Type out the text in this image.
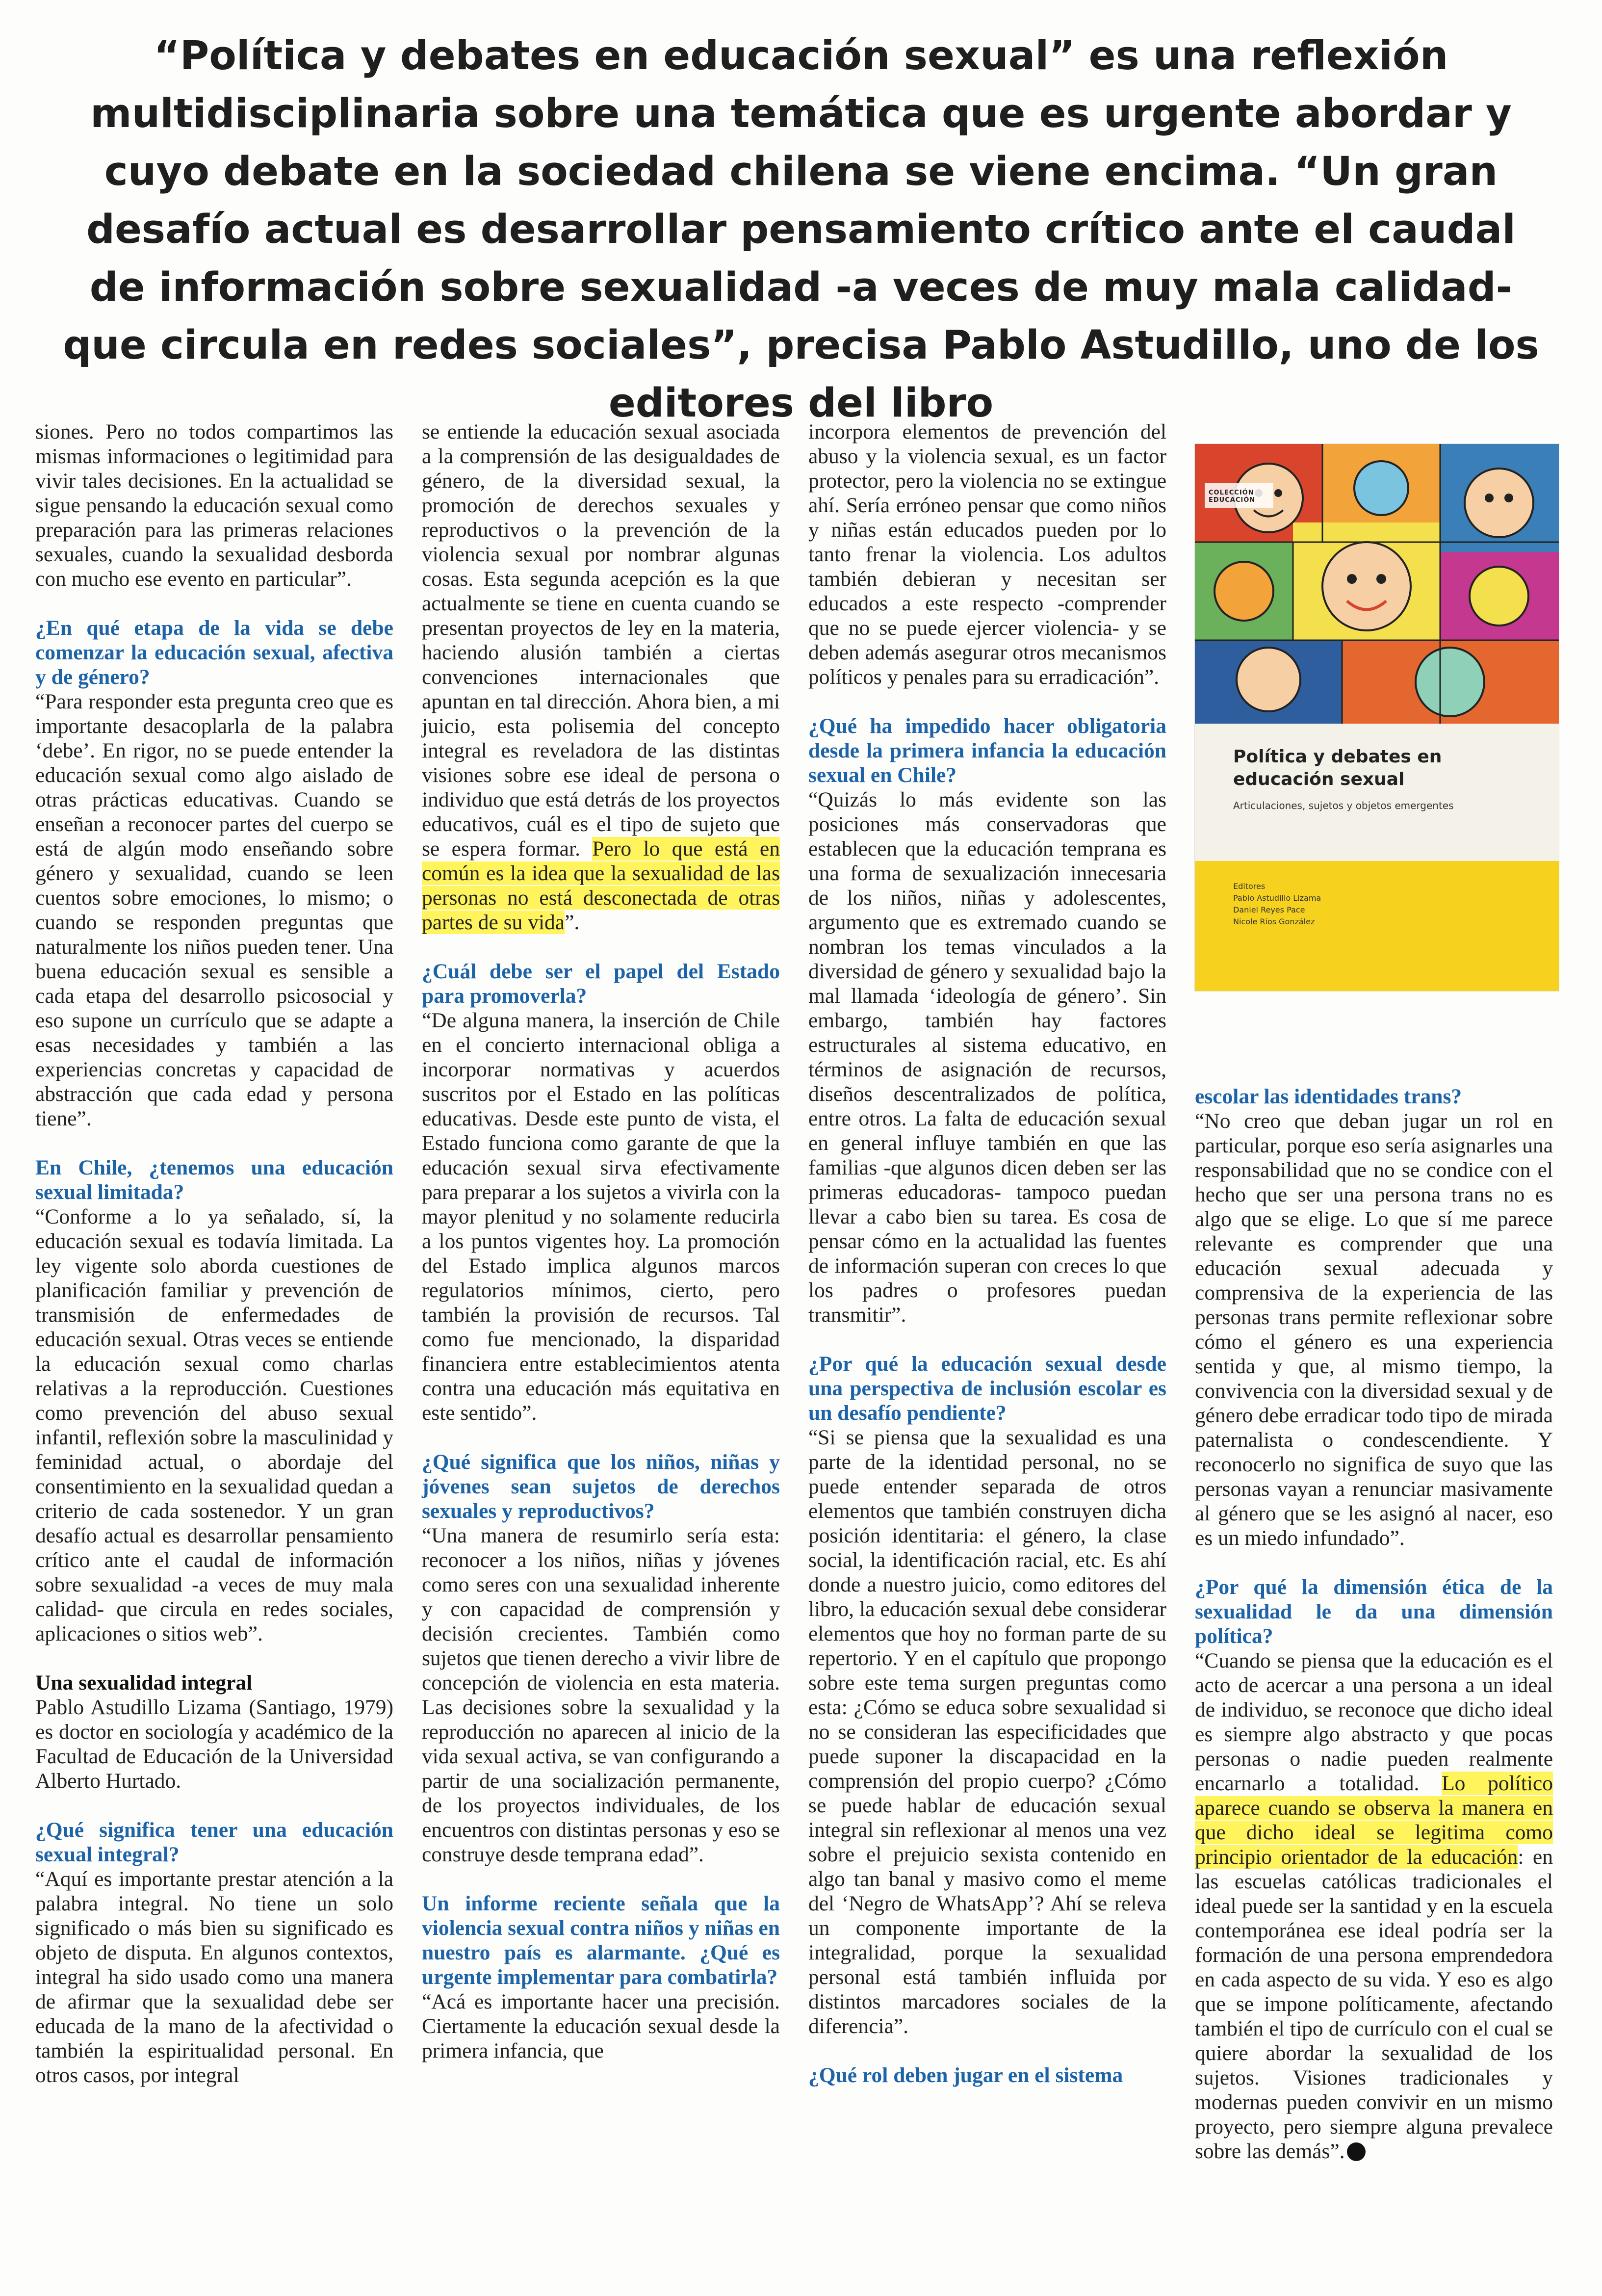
“Política y debates en educación sexual” es una reflexión multidisciplinaria sobre una temática que es urgente abordar y cuyo debate en la sociedad chilena se viene encima. “Un gran desafío actual es desarrollar pensamiento crítico ante el caudal de información sobre sexualidad -a veces de muy mala calidad- que circula en redes sociales”, precisa Pablo Astudillo, uno de los editores del libro

siones. Pero no todos compartimos las mismas informaciones o legitimidad para vivir tales decisiones. En la actualidad se sigue pensando la educación sexual como preparación para las primeras relaciones sexuales, cuando la sexualidad desborda con mucho ese evento en particular”.

¿En qué etapa de la vida se debe comenzar la educación sexual, afectiva y de género?

“Para responder esta pregunta creo que es importante desacoplarla de la palabra ‘debe’. En rigor, no se puede entender la educación sexual como algo aislado de otras prácticas educativas. Cuando se enseñan a reconocer partes del cuerpo se está de algún modo enseñando sobre género y sexualidad, cuando se leen cuentos sobre emociones, lo mismo; o cuando se responden preguntas que naturalmente los niños pueden tener. Una buena educación sexual es sensible a cada etapa del desarrollo psicosocial y eso supone un currículo que se adapte a esas necesidades y también a las experiencias concretas y capacidad de abstracción que cada edad y persona tiene”.

En Chile, ¿tenemos una educación sexual limitada?

“Conforme a lo ya señalado, sí, la educación sexual es todavía limitada. La ley vigente solo aborda cuestiones de planificación familiar y prevención de transmisión de enfermedades de educación sexual. Otras veces se entiende la educación sexual como charlas relativas a la reproducción. Cuestiones como prevención del abuso sexual infantil, reflexión sobre la masculinidad y feminidad actual, o abordaje del consentimiento en la sexualidad quedan a criterio de cada sostenedor. Y un gran desafío actual es desarrollar pensamiento crítico ante el caudal de información sobre sexualidad -a veces de muy mala calidad- que circula en redes sociales, aplicaciones o sitios web”.

Una sexualidad integral

Pablo Astudillo Lizama (Santiago, 1979) es doctor en sociología y académico de la Facultad de Educación de la Universidad Alberto Hurtado.

¿Qué significa tener una educación sexual integral?

“Aquí es importante prestar atención a la palabra integral. No tiene un solo significado o más bien su significado es objeto de disputa. En algunos contextos, integral ha sido usado como una manera de afirmar que la sexualidad debe ser educada de la mano de la afectividad o también la espiritualidad personal. En otros casos, por integral

se entiende la educación sexual asociada a la comprensión de las desigualdades de género, de la diversidad sexual, la promoción de derechos sexuales y reproductivos o la prevención de la violencia sexual por nombrar algunas cosas. Esta segunda acepción es la que actualmente se tiene en cuenta cuando se presentan proyectos de ley en la materia, haciendo alusión también a ciertas convenciones internacionales que apuntan en tal dirección. Ahora bien, a mi juicio, esta polisemia del concepto integral es reveladora de las distintas visiones sobre ese ideal de persona o individuo que está detrás de los proyectos educativos, cuál es el tipo de sujeto que se espera formar. Pero lo que está en común es la idea que la sexualidad de las personas no está desconectada de otras partes de su vida”.

¿Cuál debe ser el papel del Estado para promoverla?

“De alguna manera, la inserción de Chile en el concierto internacional obliga a incorporar normativas y acuerdos suscritos por el Estado en las políticas educativas. Desde este punto de vista, el Estado funciona como garante de que la educación sexual sirva efectivamente para preparar a los sujetos a vivirla con la mayor plenitud y no solamente reducirla a los puntos vigentes hoy. La promoción del Estado implica algunos marcos regulatorios mínimos, cierto, pero también la provisión de recursos. Tal como fue mencionado, la disparidad financiera entre establecimientos atenta contra una educación más equitativa en este sentido”.

¿Qué significa que los niños, niñas y jóvenes sean sujetos de derechos sexuales y reproductivos?

“Una manera de resumirlo sería esta: reconocer a los niños, niñas y jóvenes como seres con una sexualidad inherente y con capacidad de comprensión y decisión crecientes. También como sujetos que tienen derecho a vivir libre de concepción de violencia en esta materia. Las decisiones sobre la sexualidad y la reproducción no aparecen al inicio de la vida sexual activa, se van configurando a partir de una socialización permanente, de los proyectos individuales, de los encuentros con distintas personas y eso se construye desde temprana edad”.

Un informe reciente señala que la violencia sexual contra niños y niñas en nuestro país es alarmante. ¿Qué es urgente implementar para combatirla?

“Acá es importante hacer una precisión. Ciertamente la educación sexual desde la primera infancia, que

incorpora elementos de prevención del abuso y la violencia sexual, es un factor protector, pero la violencia no se extingue ahí. Sería erróneo pensar que como niños y niñas están educados pueden por lo tanto frenar la violencia. Los adultos también debieran y necesitan ser educados a este respecto -comprender que no se puede ejercer violencia- y se deben además asegurar otros mecanismos políticos y penales para su erradicación”.

¿Qué ha impedido hacer obligatoria desde la primera infancia la educación sexual en Chile?

“Quizás lo más evidente son las posiciones más conservadoras que establecen que la educación temprana es una forma de sexualización innecesaria de los niños, niñas y adolescentes, argumento que es extremado cuando se nombran los temas vinculados a la diversidad de género y sexualidad bajo la mal llamada ‘ideología de género’. Sin embargo, también hay factores estructurales al sistema educativo, en términos de asignación de recursos, diseños descentralizados de política, entre otros. La falta de educación sexual en general influye también en que las familias -que algunos dicen deben ser las primeras educadoras- tampoco puedan llevar a cabo bien su tarea. Es cosa de pensar cómo en la actualidad las fuentes de información superan con creces lo que los padres o profesores puedan transmitir”.

¿Por qué la educación sexual desde una perspectiva de inclusión escolar es un desafío pendiente?

“Si se piensa que la sexualidad es una parte de la identidad personal, no se puede entender separada de otros elementos que también construyen dicha posición identitaria: el género, la clase social, la identificación racial, etc. Es ahí donde a nuestro juicio, como editores del libro, la educación sexual debe considerar elementos que hoy no forman parte de su repertorio. Y en el capítulo que propongo sobre este tema surgen preguntas como esta: ¿Cómo se educa sobre sexualidad si no se consideran las especificidades que puede suponer la discapacidad en la comprensión del propio cuerpo? ¿Cómo se puede hablar de educación sexual integral sin reflexionar al menos una vez sobre el prejuicio sexista contenido en algo tan banal y masivo como el meme del ‘Negro de WhatsApp’? Ahí se releva un componente importante de la integralidad, porque la sexualidad personal está también influida por distintos marcadores sociales de la diferencia”.

¿Qué rol deben jugar en el sistema
COLECCIÓN EDUCACIÓN
Política y debates en educación sexual
Articulaciones, sujetos y objetos emergentes
Editores
Pablo Astudillo Lizama
Daniel Reyes Pace
Nicole Ríos González
escolar las identidades trans?

“No creo que deban jugar un rol en particular, porque eso sería asignarles una responsabilidad que no se condice con el hecho que ser una persona trans no es algo que se elige. Lo que sí me parece relevante es comprender que una educación sexual adecuada y comprensiva de la experiencia de las personas trans permite reflexionar sobre cómo el género es una experiencia sentida y que, al mismo tiempo, la convivencia con la diversidad sexual y de género debe erradicar todo tipo de mirada paternalista o condescendiente. Y reconocerlo no significa de suyo que las personas vayan a renunciar masivamente al género que se les asignó al nacer, eso es un miedo infundado”.

¿Por qué la dimensión ética de la sexualidad le da una dimensión política?

“Cuando se piensa que la educación es el acto de acercar a una persona a un ideal de individuo, se reconoce que dicho ideal es siempre algo abstracto y que pocas personas o nadie pueden realmente encarnarlo a totalidad. Lo político aparece cuando se observa la manera en que dicho ideal se legitima como principio orientador de la educación: en las escuelas católicas tradicionales el ideal puede ser la santidad y en la escuela contemporánea ese ideal podría ser la formación de una persona emprendedora en cada aspecto de su vida. Y eso es algo que se impone políticamente, afectando también el tipo de currículo con el cual se quiere abordar la sexualidad de los sujetos. Visiones tradicionales y modernas pueden convivir en un mismo proyecto, pero siempre alguna prevalece sobre las demás”.
